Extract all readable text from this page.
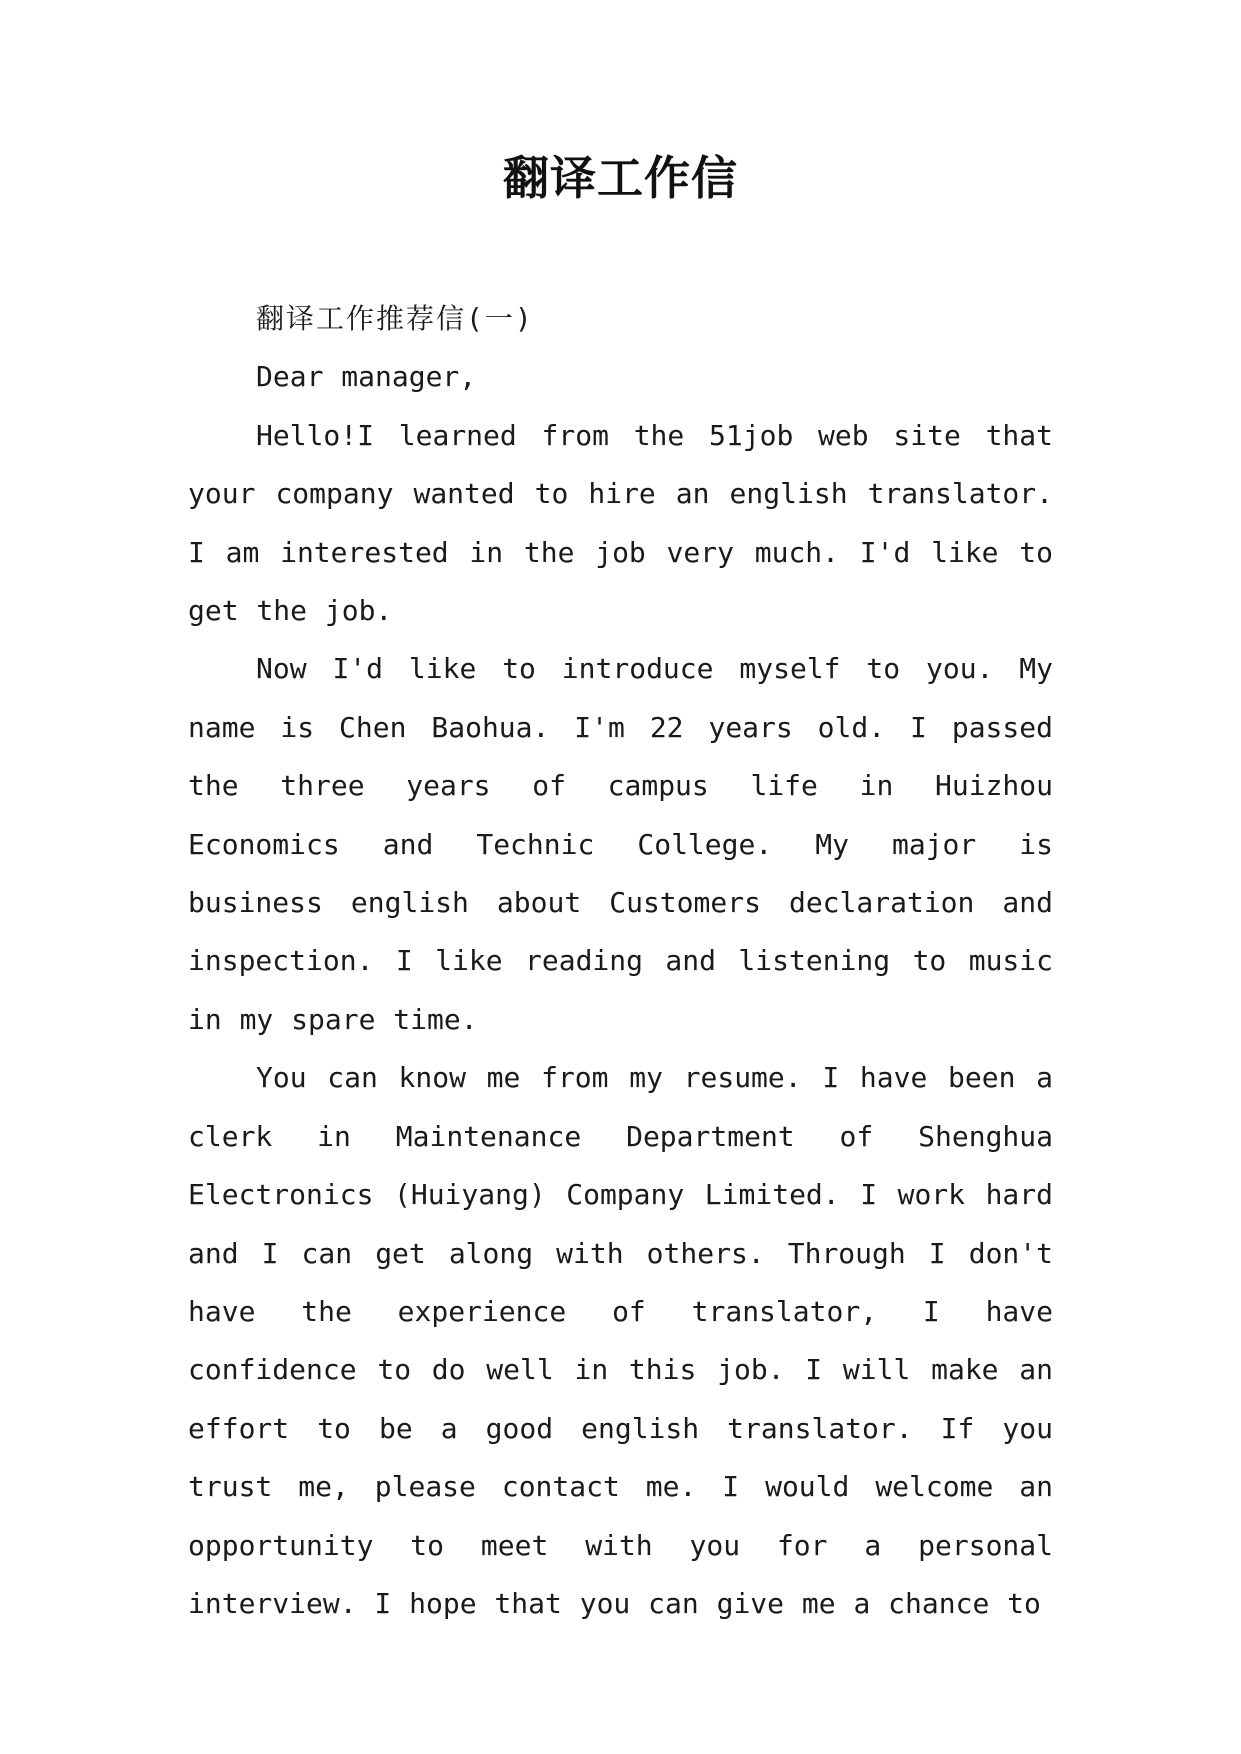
翻译工作信

翻译工作推荐信(一)

Dear manager,

Hello!I learned from the 51job web site that your company wanted to hire an english translator. I am interested in the job very much. I'd like to get the job.

Now I'd like to introduce myself to you. My name is Chen Baohua. I'm 22 years old. I passed the three years of campus life in Huizhou Economics and Technic College. My major is business english about Customers declaration and inspection. I like reading and listening to music in my spare time.

You can know me from my resume. I have been a clerk in Maintenance Department of Shenghua Electronics (Huiyang) Company Limited. I work hard and I can get along with others. Through I don't have the experience of translator, I have confidence to do well in this job. I will make an effort to be a good english translator. If you trust me, please contact me. I would welcome an opportunity to meet with you for a personal interview. I hope that you can give me a chance to
